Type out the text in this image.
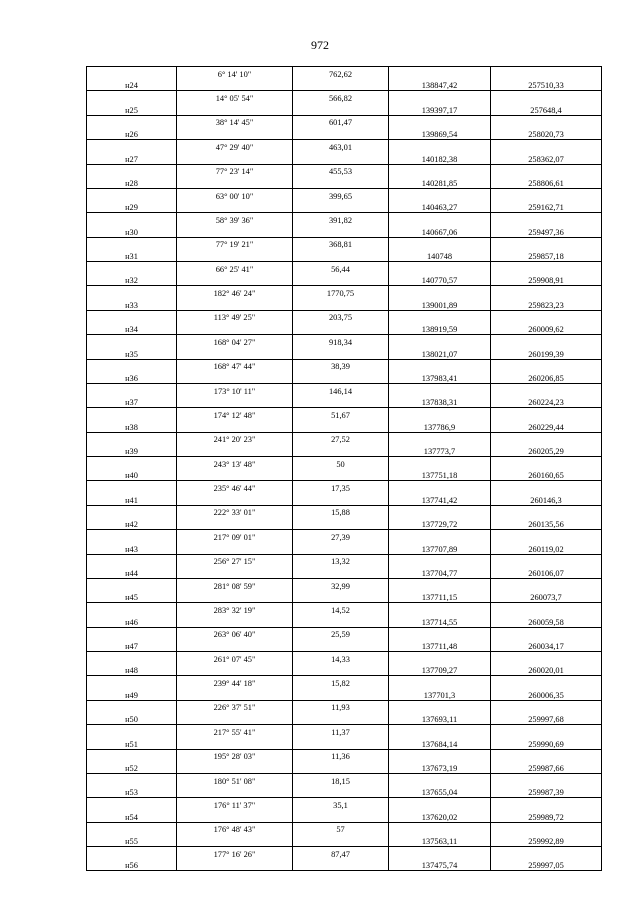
972
	6° 14' 10"	762,62		
н24			138847,42	257510,33
	14° 05' 54"	566,82		
н25			139397,17	257648,4
	38° 14' 45"	601,47		
н26			139869,54	258020,73
	47° 29' 40"	463,01		
н27			140182,38	258362,07
	77° 23' 14"	455,53		
н28			140281,85	258806,61
	63° 00' 10"	399,65		
н29			140463,27	259162,71
	58° 39' 36"	391,82		
н30			140667,06	259497,36
	77° 19' 21"	368,81		
н31			140748	259857,18
	66° 25' 41"	56,44		
н32			140770,57	259908,91
	182° 46' 24"	1770,75		
н33			139001,89	259823,23
	113° 49' 25"	203,75		
н34			138919,59	260009,62
	168° 04' 27"	918,34		
н35			138021,07	260199,39
	168° 47' 44"	38,39		
н36			137983,41	260206,85
	173° 10' 11"	146,14		
н37			137838,31	260224,23
	174° 12' 48"	51,67		
н38			137786,9	260229,44
	241° 20' 23"	27,52		
н39			137773,7	260205,29
	243° 13' 48"	50		
н40			137751,18	260160,65
	235° 46' 44"	17,35		
н41			137741,42	260146,3
	222° 33' 01"	15,88		
н42			137729,72	260135,56
	217° 09' 01"	27,39		
н43			137707,89	260119,02
	256° 27' 15"	13,32		
н44			137704,77	260106,07
	281° 08' 59"	32,99		
н45			137711,15	260073,7
	283° 32' 19"	14,52		
н46			137714,55	260059,58
	263° 06' 40"	25,59		
н47			137711,48	260034,17
	261° 07' 45"	14,33		
н48			137709,27	260020,01
	239° 44' 18"	15,82		
н49			137701,3	260006,35
	226° 37' 51"	11,93		
н50			137693,11	259997,68
	217° 55' 41"	11,37		
н51			137684,14	259990,69
	195° 28' 03"	11,36		
н52			137673,19	259987,66
	180° 51' 08"	18,15		
н53			137655,04	259987,39
	176° 11' 37"	35,1		
н54			137620,02	259989,72
	176° 48' 43"	57		
н55			137563,11	259992,89
	177° 16' 26"	87,47		
н56			137475,74	259997,05
